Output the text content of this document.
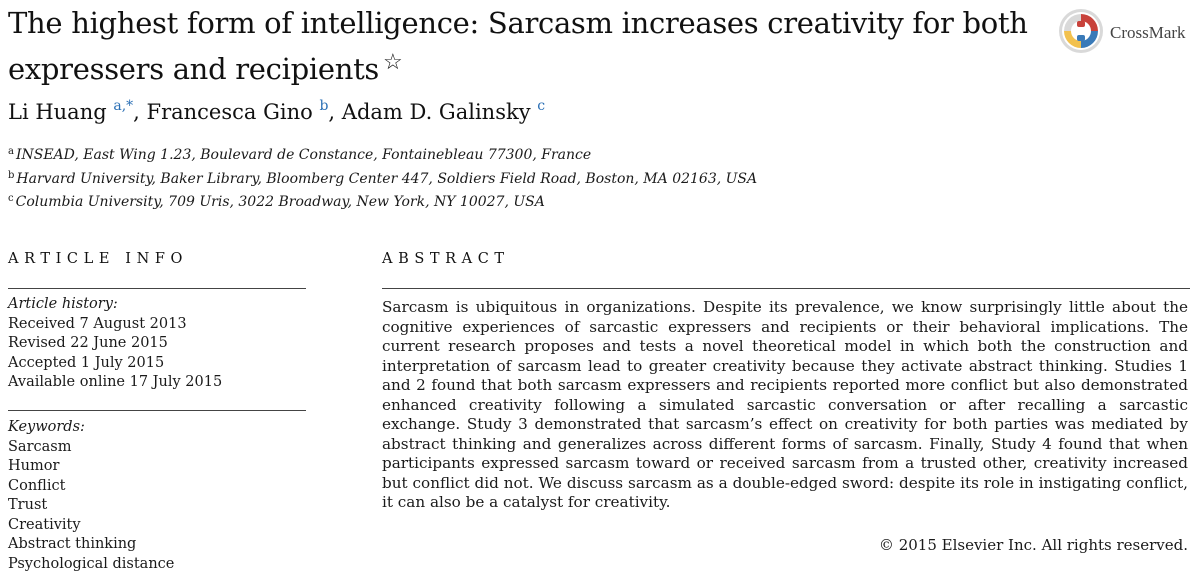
The highest form of intelligence: Sarcasm increases creativity for both expressers and recipients ☆
CrossMark
Li Huang $^{a,*}$, Francesca Gino $^b$, Adam D. Galinsky $^c$
$^a$ INSEAD, East Wing 1.23, Boulevard de Constance, Fontainebleau 77300, France
$^b$ Harvard University, Baker Library, Bloomberg Center 447, Soldiers Field Road, Boston, MA 02163, USA
$^c$ Columbia University, 709 Uris, 3022 Broadway, New York, NY 10027, USA
ARTICLE INFO	ABSTRACT
Article history:
Received 7 August 2013
Revised 22 June 2015
Accepted 1 July 2015
Available online 17 July 2015
Keywords:
Sarcasm
Humor
Conflict
Trust
Creativity
Abstract thinking
Psychological distance
Sarcasm is ubiquitous in organizations. Despite its prevalence, we know surprisingly little about the cognitive experiences of sarcastic expressers and recipients or their behavioral implications. The current research proposes and tests a novel theoretical model in which both the construction and interpretation of sarcasm lead to greater creativity because they activate abstract thinking. Studies 1 and 2 found that both sarcasm expressers and recipients reported more conflict but also demonstrated enhanced creativity following a simulated sarcastic conversation or after recalling a sarcastic exchange. Study 3 demonstrated that sarcasm’s effect on creativity for both parties was mediated by abstract thinking and generalizes across different forms of sarcasm. Finally, Study 4 found that when participants expressed sarcasm toward or received sarcasm from a trusted other, creativity increased but conflict did not. We discuss sarcasm as a double-edged sword: despite its role in instigating conflict, it can also be a catalyst for creativity.
© 2015 Elsevier Inc. All rights reserved.
